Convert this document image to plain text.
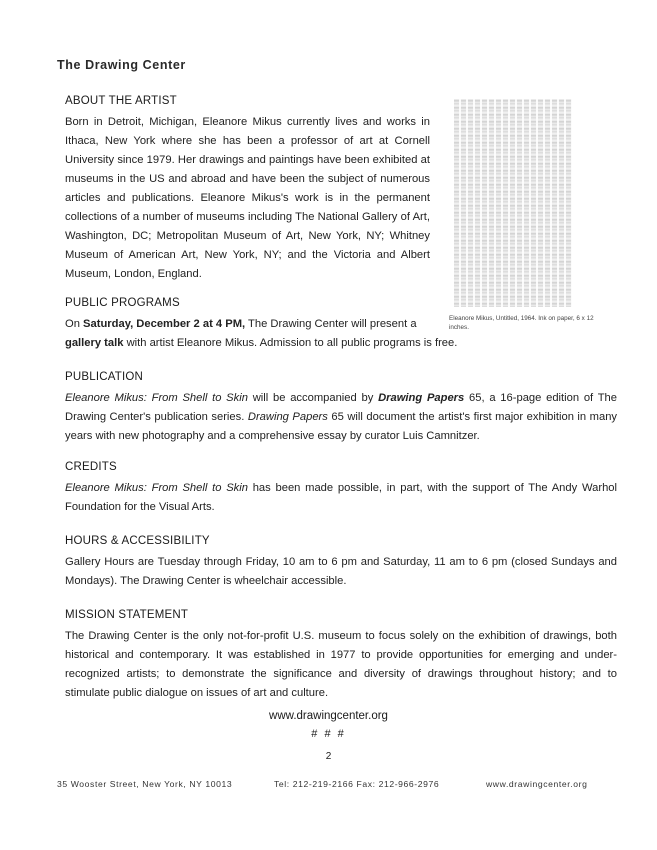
The Drawing Center
Eleanore Mikus, Untitled, 1964. Ink on paper, 6 x 12 inches.
ABOUT THE ARTIST

Born in Detroit, Michigan, Eleanore Mikus currently lives and works in Ithaca, New York where she has been a professor of art at Cornell University since 1979. Her drawings and paintings have been exhibited at museums in the US and abroad and have been the subject of numerous articles and publications. Eleanore Mikus's work is in the permanent collections of a number of museums including The National Gallery of Art, Washington, DC; Metropolitan Museum of Art, New York, NY; Whitney Museum of American Art, New York, NY; and the Victoria and Albert Museum, London, England.

PUBLIC PROGRAMS

On Saturday, December 2 at 4 PM, The Drawing Center will present a
gallery talk with artist Eleanore Mikus. Admission to all public programs is free.

PUBLICATION

Eleanore Mikus: From Shell to Skin will be accompanied by Drawing Papers 65, a 16-page edition of The Drawing Center's publication series. Drawing Papers 65 will document the artist's first major exhibition in many years with new photography and a comprehensive essay by curator Luis Camnitzer.

CREDITS

Eleanore Mikus: From Shell to Skin has been made possible, in part, with the support of The Andy Warhol Foundation for the Visual Arts.

HOURS & ACCESSIBILITY

Gallery Hours are Tuesday through Friday, 10 am to 6 pm and Saturday, 11 am to 6 pm (closed Sundays and Mondays). The Drawing Center is wheelchair accessible.

MISSION STATEMENT

The Drawing Center is the only not-for-profit U.S. museum to focus solely on the exhibition of drawings, both historical and contemporary. It was established in 1977 to provide opportunities for emerging and under-recognized artists; to demonstrate the significance and diversity of drawings throughout history; and to stimulate public dialogue on issues of art and culture.

www.drawingcenter.org
# # #
2
35 Wooster Street, New York, NY 10013	Tel: 212-219-2166 Fax: 212-966-2976	www.drawingcenter.org
